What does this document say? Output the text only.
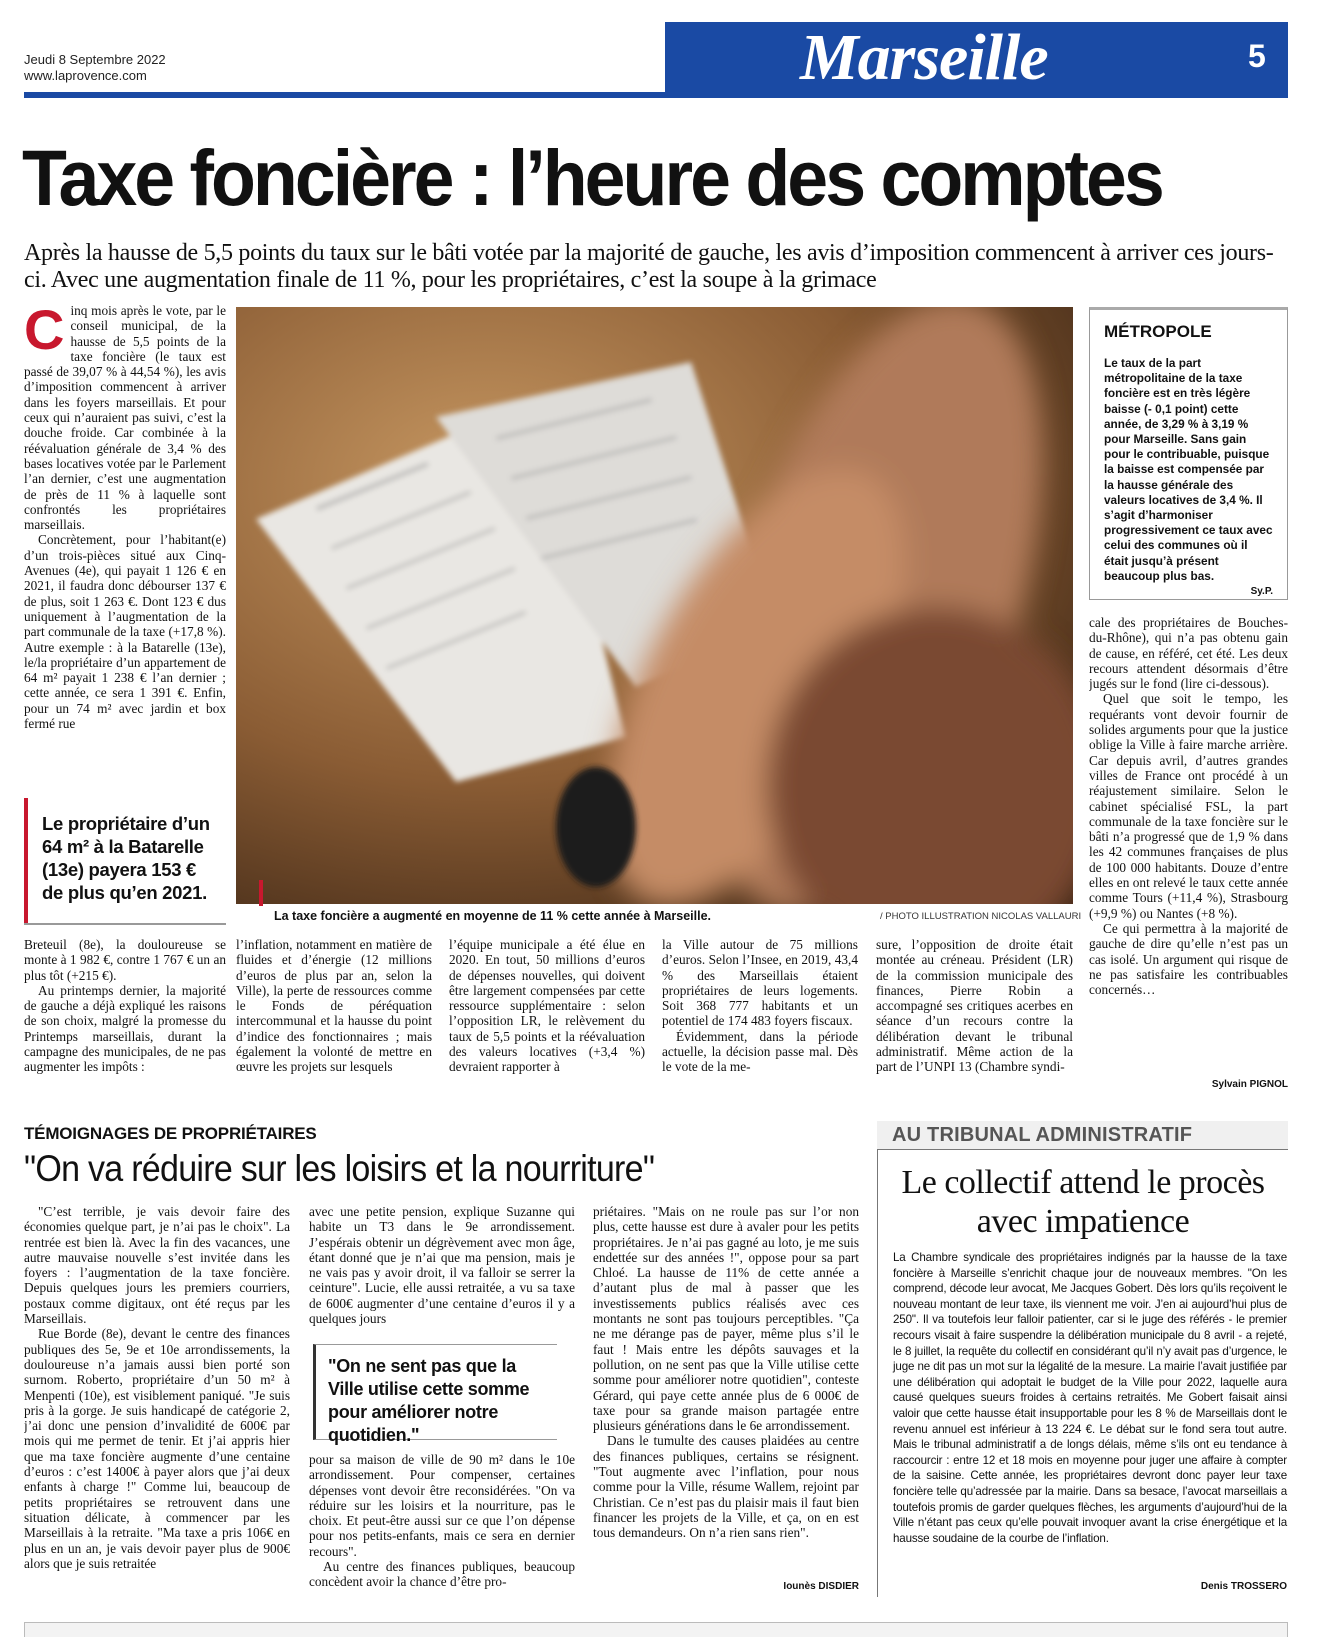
Jeudi 8 Septembre 2022
www.laprovence.com	Marseille	5
Taxe foncière : l’heure des comptes
Après la hausse de 5,5 points du taux sur le bâti votée par la majorité de gauche, les avis d’imposition commencent à arriver ces jours-ci. Avec une augmentation finale de 11 %, pour les propriétaires, c’est la soupe à la grimace

Cinq mois après le vote, par le conseil municipal, de la hausse de 5,5 points de la taxe foncière (le taux est passé de 39,07 % à 44,54 %), les avis d’imposition commencent à arriver dans les foyers marseillais. Et pour ceux qui n’auraient pas suivi, c’est la douche froide. Car combinée à la réévaluation générale de 3,4 % des bases locatives votée par le Parlement l’an dernier, c’est une augmentation de près de 11 % à laquelle sont confrontés les propriétaires marseillais.

Concrètement, pour l’habitant(e) d’un trois-pièces situé aux Cinq-Avenues (4e), qui payait 1 126 € en 2021, il faudra donc débourser 137 € de plus, soit 1 263 €. Dont 123 € dus uniquement à l’augmentation de la part communale de la taxe (+17,8 %). Autre exemple : à la Batarelle (13e), le/la propriétaire d’un appartement de 64 m² payait 1 238 € l’an dernier ; cette année, ce sera 1 391 €. Enfin, pour un 74 m² avec jardin et box fermé rue

Le propriétaire d’un 64 m² à la Batarelle (13e) payera 153 € de plus qu’en 2021.
La taxe foncière a augmenté en moyenne de 11 % cette année à Marseille.	/ PHOTO ILLUSTRATION NICOLAS VALLAURI
MÉTROPOLE
Le taux de la part métropolitaine de la taxe foncière est en très légère baisse (- 0,1 point) cette année, de 3,29 % à 3,19 % pour Marseille. Sans gain pour le contribuable, puisque la baisse est compensée par la hausse générale des valeurs locatives de 3,4 %. Il s’agit d’harmoniser progressivement ce taux avec celui des communes où il était jusqu’à présent beaucoup plus bas.
Sy.P.

Breteuil (8e), la douloureuse se monte à 1 982 €, contre 1 767 € un an plus tôt (+215 €).

Au printemps dernier, la majorité de gauche a déjà expliqué les raisons de son choix, malgré la promesse du Printemps marseillais, durant la campagne des municipales, de ne pas augmenter les impôts :

l’inflation, notamment en matière de fluides et d’énergie (12 millions d’euros de plus par an, selon la Ville), la perte de ressources comme le Fonds de péréquation intercommunal et la hausse du point d’indice des fonctionnaires ; mais également la volonté de mettre en œuvre les projets sur lesquels

l’équipe municipale a été élue en 2020. En tout, 50 millions d’euros de dépenses nouvelles, qui doivent être largement compensées par cette ressource supplémentaire : selon l’opposition LR, le relèvement du taux de 5,5 points et la réévaluation des valeurs locatives (+3,4 %) devraient rapporter à

la Ville autour de 75 millions d’euros. Selon l’Insee, en 2019, 43,4 % des Marseillais étaient propriétaires de leurs logements. Soit 368 777 habitants et un potentiel de 174 483 foyers fiscaux.

Évidemment, dans la période actuelle, la décision passe mal. Dès le vote de la me-

sure, l’opposition de droite était montée au créneau. Président (LR) de la commission municipale des finances, Pierre Robin a accompagné ses critiques acerbes en séance d’un recours contre la délibération devant le tribunal administratif. Même action de la part de l’UNPI 13 (Chambre syndi-

cale des propriétaires de Bouches-du-Rhône), qui n’a pas obtenu gain de cause, en référé, cet été. Les deux recours attendent désormais d’être jugés sur le fond (lire ci-dessous).

Quel que soit le tempo, les requérants vont devoir fournir de solides arguments pour que la justice oblige la Ville à faire marche arrière. Car depuis avril, d’autres grandes villes de France ont procédé à un réajustement similaire. Selon le cabinet spécialisé FSL, la part communale de la taxe foncière sur le bâti n’a progressé que de 1,9 % dans les 42 communes françaises de plus de 100 000 habitants. Douze d’entre elles en ont relevé le taux cette année comme Tours (+11,4 %), Strasbourg (+9,9 %) ou Nantes (+8 %).

Ce qui permettra à la majorité de gauche de dire qu’elle n’est pas un cas isolé. Un argument qui risque de ne pas satisfaire les contribuables concernés…

Sylvain PIGNOL
TÉMOIGNAGES DE PROPRIÉTAIRES
"On va réduire sur les loisirs et la nourriture"

"C’est terrible, je vais devoir faire des économies quelque part, je n’ai pas le choix". La rentrée est bien là. Avec la fin des vacances, une autre mauvaise nouvelle s’est invitée dans les foyers : l’augmentation de la taxe foncière. Depuis quelques jours les premiers courriers, postaux comme digitaux, ont été reçus par les Marseillais.

Rue Borde (8e), devant le centre des finances publiques des 5e, 9e et 10e arrondissements, la douloureuse n’a jamais aussi bien porté son surnom. Roberto, propriétaire d’un 50 m² à Menpenti (10e), est visiblement paniqué. "Je suis pris à la gorge. Je suis handicapé de catégorie 2, j’ai donc une pension d’invalidité de 600€ par mois qui me permet de tenir. Et j’ai appris hier que ma taxe foncière augmente d’une centaine d’euros : c’est 1400€ à payer alors que j’ai deux enfants à charge !" Comme lui, beaucoup de petits propriétaires se retrouvent dans une situation délicate, à commencer par les Marseillais à la retraite. "Ma taxe a pris 106€ en plus en un an, je vais devoir payer plus de 900€ alors que je suis retraitée

avec une petite pension, explique Suzanne qui habite un T3 dans le 9e arrondissement. J’espérais obtenir un dégrèvement avec mon âge, étant donné que je n’ai que ma pension, mais je ne vais pas y avoir droit, il va falloir se serrer la ceinture". Lucie, elle aussi retraitée, a vu sa taxe de 600€ augmenter d’une centaine d’euros il y a quelques jours

"On ne sent pas que la Ville utilise cette somme pour améliorer notre quotidien."

pour sa maison de ville de 90 m² dans le 10e arrondissement. Pour compenser, certaines dépenses vont devoir être reconsidérées. "On va réduire sur les loisirs et la nourriture, pas le choix. Et peut-être aussi sur ce que l’on dépense pour nos petits-enfants, mais ce sera en dernier recours".

Au centre des finances publiques, beaucoup concèdent avoir la chance d’être pro-

priétaires. "Mais on ne roule pas sur l’or non plus, cette hausse est dure à avaler pour les petits propriétaires. Je n’ai pas gagné au loto, je me suis endettée sur des années !", oppose pour sa part Chloé. La hausse de 11% de cette année a d’autant plus de mal à passer que les investissements publics réalisés avec ces montants ne sont pas toujours perceptibles. "Ça ne me dérange pas de payer, même plus s’il le faut ! Mais entre les dépôts sauvages et la pollution, on ne sent pas que la Ville utilise cette somme pour améliorer notre quotidien", conteste Gérard, qui paye cette année plus de 6 000€ de taxe pour sa grande maison partagée entre plusieurs générations dans le 6e arrondissement.

Dans le tumulte des causes plaidées au centre des finances publiques, certains se résignent. "Tout augmente avec l’inflation, pour nous comme pour la Ville, résume Wallem, rejoint par Christian. Ce n’est pas du plaisir mais il faut bien financer les projets de la Ville, et ça, on en est tous demandeurs. On n’a rien sans rien".

Iounès DISDIER
AU TRIBUNAL ADMINISTRATIF
Le collectif attend le procès avec impatience
La Chambre syndicale des propriétaires indignés par la hausse de la taxe foncière à Marseille s’enrichit chaque jour de nouveaux membres. "On les comprend, décode leur avocat, Me Jacques Gobert. Dès lors qu’ils reçoivent le nouveau montant de leur taxe, ils viennent me voir. J’en ai aujourd’hui plus de 250". Il va toutefois leur falloir patienter, car si le juge des référés - le premier recours visait à faire suspendre la délibération municipale du 8 avril - a rejeté, le 8 juillet, la requête du collectif en considérant qu’il n’y avait pas d’urgence, le juge ne dit pas un mot sur la légalité de la mesure. La mairie l’avait justifiée par une délibération qui adoptait le budget de la Ville pour 2022, laquelle aura causé quelques sueurs froides à certains retraités. Me Gobert faisait ainsi valoir que cette hausse était insupportable pour les 8 % de Marseillais dont le revenu annuel est inférieur à 13 224 €. Le débat sur le fond sera tout autre. Mais le tribunal administratif a de longs délais, même s’ils ont eu tendance à raccourcir : entre 12 et 18 mois en moyenne pour juger une affaire à compter de la saisine. Cette année, les propriétaires devront donc payer leur taxe foncière telle qu’adressée par la mairie. Dans sa besace, l’avocat marseillais a toutefois promis de garder quelques flèches, les arguments d’aujourd’hui de la Ville n’étant pas ceux qu’elle pouvait invoquer avant la crise énergétique et la hausse soudaine de la courbe de l’inflation.
Denis TROSSERO
